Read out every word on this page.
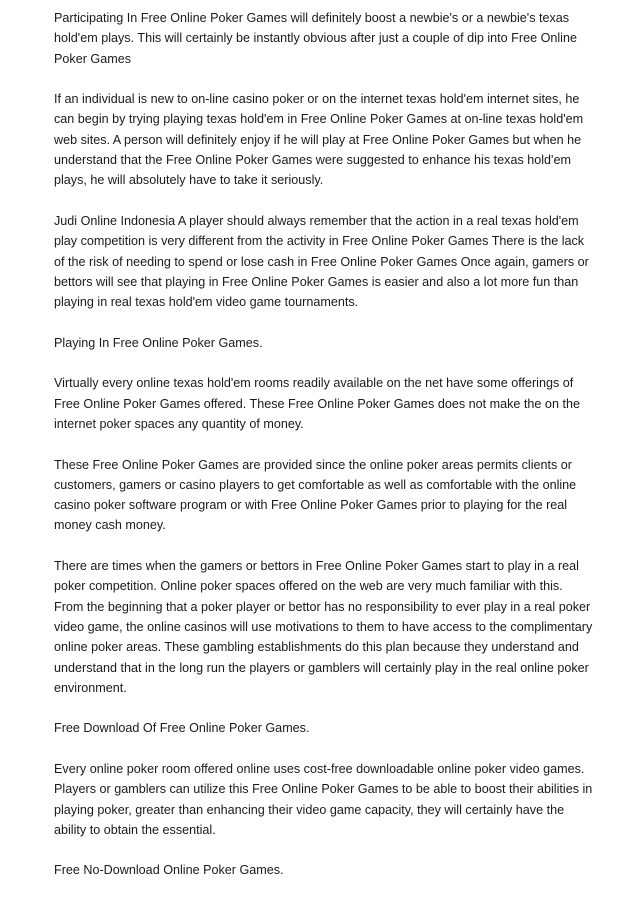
Participating In Free Online Poker Games will definitely boost a newbie's or a newbie's texas hold'em plays. This will certainly be instantly obvious after just a couple of dip into Free Online Poker Games

If an individual is new to on-line casino poker or on the internet texas hold'em internet sites, he can begin by trying playing texas hold'em in Free Online Poker Games at on-line texas hold'em web sites. A person will definitely enjoy if he will play at Free Online Poker Games but when he understand that the Free Online Poker Games were suggested to enhance his texas hold'em plays, he will absolutely have to take it seriously.

Judi Online Indonesia A player should always remember that the action in a real texas hold'em play competition is very different from the activity in Free Online Poker Games There is the lack of the risk of needing to spend or lose cash in Free Online Poker Games Once again, gamers or bettors will see that playing in Free Online Poker Games is easier and also a lot more fun than playing in real texas hold'em video game tournaments.

Playing In Free Online Poker Games.

Virtually every online texas hold'em rooms readily available on the net have some offerings of Free Online Poker Games offered. These Free Online Poker Games does not make the on the internet poker spaces any quantity of money.

These Free Online Poker Games are provided since the online poker areas permits clients or customers, gamers or casino players to get comfortable as well as comfortable with the online casino poker software program or with Free Online Poker Games prior to playing for the real money cash money.

There are times when the gamers or bettors in Free Online Poker Games start to play in a real poker competition. Online poker spaces offered on the web are very much familiar with this. From the beginning that a poker player or bettor has no responsibility to ever play in a real poker video game, the online casinos will use motivations to them to have access to the complimentary online poker areas. These gambling establishments do this plan because they understand and understand that in the long run the players or gamblers will certainly play in the real online poker environment.

Free Download Of Free Online Poker Games.

Every online poker room offered online uses cost-free downloadable online poker video games. Players or gamblers can utilize this Free Online Poker Games to be able to boost their abilities in playing poker, greater than enhancing their video game capacity, they will certainly have the ability to obtain the essential.

Free No-Download Online Poker Games.
